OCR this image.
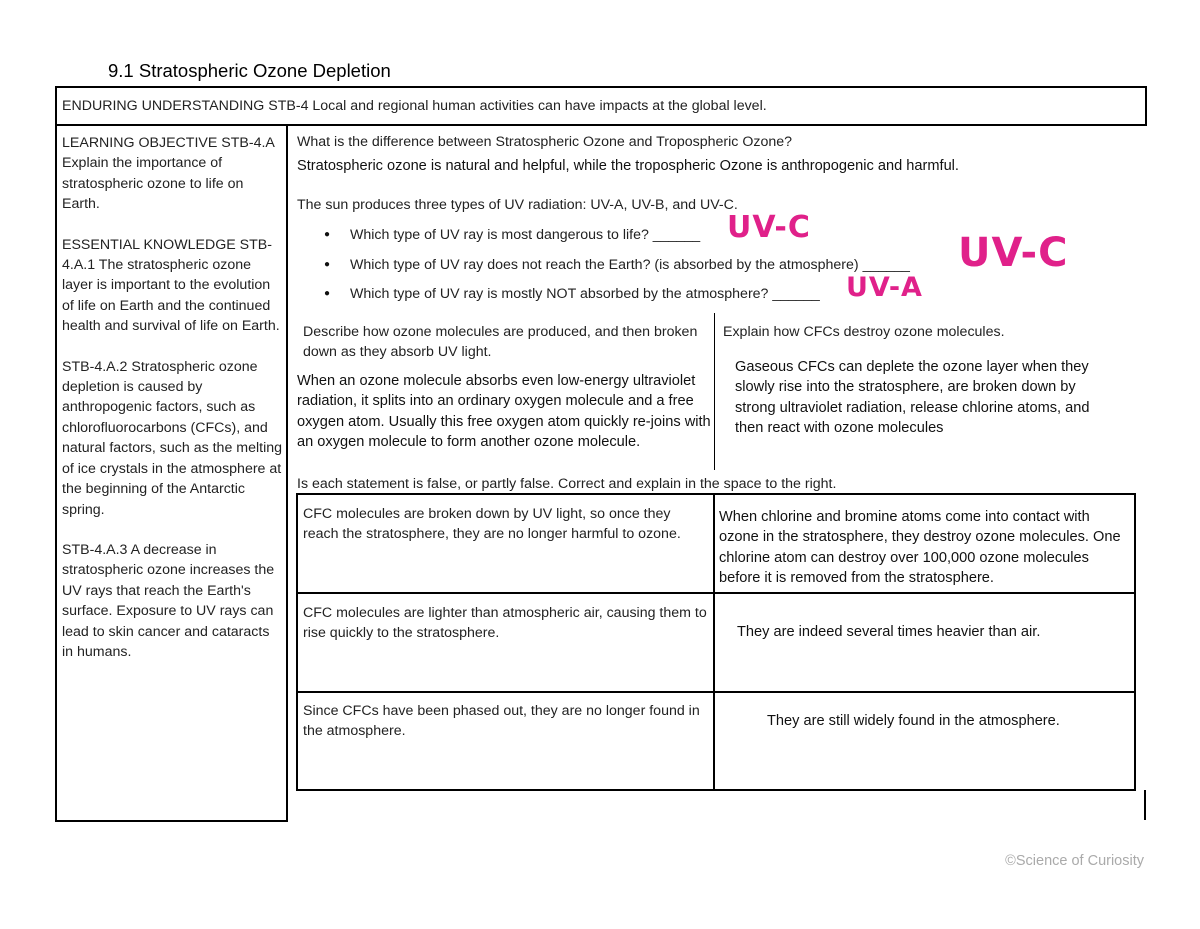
9.1 Stratospheric Ozone Depletion
ENDURING UNDERSTANDING STB-4 Local and regional human activities can have impacts at the global level.

LEARNING OBJECTIVE STB-4.A Explain the importance of stratospheric ozone to life on Earth.

ESSENTIAL KNOWLEDGE STB-4.A.1 The stratospheric ozone layer is important to the evolution of life on Earth and the continued health and survival of life on Earth.

STB-4.A.2 Stratospheric ozone depletion is caused by anthropogenic factors, such as chlorofluorocarbons (CFCs), and natural factors, such as the melting of ice crystals in the atmosphere at the beginning of the Antarctic spring.

STB-4.A.3 A decrease in stratospheric ozone increases the UV rays that reach the Earth's surface. Exposure to UV rays can lead to skin cancer and cataracts in humans.

What is the difference between Stratospheric Ozone and Tropospheric Ozone?
Stratospheric ozone is natural and helpful, while the tropospheric Ozone is anthropogenic and harmful.
The sun produces three types of UV radiation: UV-A, UV-B, and UV-C.
● Which type of UV ray is most dangerous to life? ______
● Which type of UV ray does not reach the Earth? (is absorbed by the atmosphere) ______
● Which type of UV ray is mostly NOT absorbed by the atmosphere? ______
UV-C
UV-C
UV-A
Describe how ozone molecules are produced, and then broken down as they absorb UV light.
When an ozone molecule absorbs even low-energy ultraviolet radiation, it splits into an ordinary oxygen molecule and a free oxygen atom. Usually this free oxygen atom quickly re-joins with an oxygen molecule to form another ozone molecule.
Explain how CFCs destroy ozone molecules.
Gaseous CFCs can deplete the ozone layer when they slowly rise into the stratosphere, are broken down by strong ultraviolet radiation, release chlorine atoms, and then react with ozone molecules
Is each statement is false, or partly false. Correct and explain in the space to the right.
CFC molecules are broken down by UV light, so once they reach the stratosphere, they are no longer harmful to ozone.
When chlorine and bromine atoms come into contact with ozone in the stratosphere, they destroy ozone molecules. One chlorine atom can destroy over 100,000 ozone molecules before it is removed from the stratosphere.
CFC molecules are lighter than atmospheric air, causing them to rise quickly to the stratosphere.	They are indeed several times heavier than air.
Since CFCs have been phased out, they are no longer found in the atmosphere.
They are still widely found in the atmosphere.
©Science of Curiosity
